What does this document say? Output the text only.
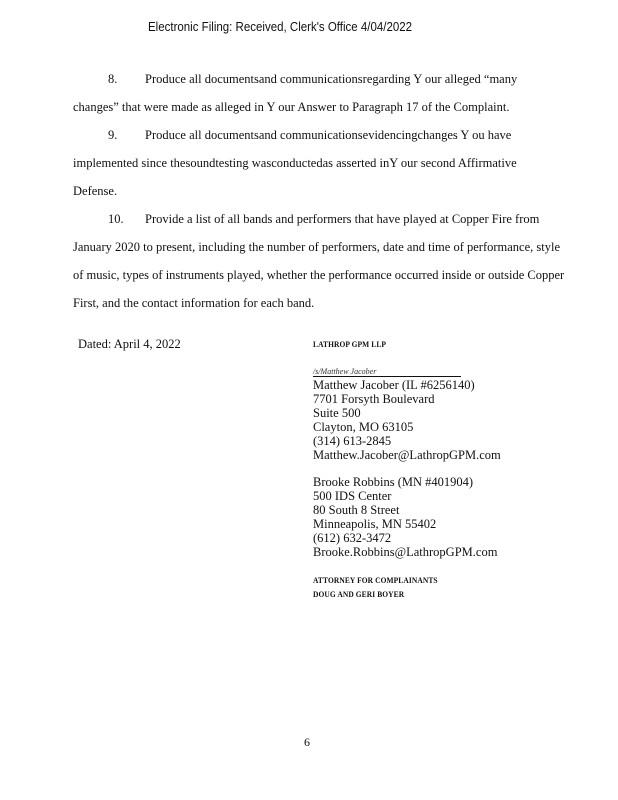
Electronic Filing: Received, Clerk's Office 4/04/2022
8. Produce all documentsand communicationsregarding Y our alleged “many
changes” that were made as alleged in Y our Answer to Paragraph 17 of the Complaint.
9. Produce all documentsand communicationsevidencingchanges Y ou have
implemented since thesoundtesting wasconductedas asserted inY our second Affirmative
Defense.
10. Provide a list of all bands and performers that have played at Copper Fire from
January 2020 to present, including the number of performers, date and time of performance, style
of music, types of instruments played, whether the performance occurred inside or outside Copper
First, and the contact information for each band.
Dated: April 4, 2022	LATHROP GPM LLP
/s/Matthew Jacober
Matthew Jacober (IL #6256140)
7701 Forsyth Boulevard
Suite 500
Clayton, MO 63105
(314) 613-2845
Matthew.Jacober@LathropGPM.com
Brooke Robbins (MN #401904)
500 IDS Center
80 South 8 Street
Minneapolis, MN 55402
(612) 632-3472
Brooke.Robbins@LathropGPM.com
ATTORNEY FOR COMPLAINANTS
DOUG AND GERI BOYER
6
